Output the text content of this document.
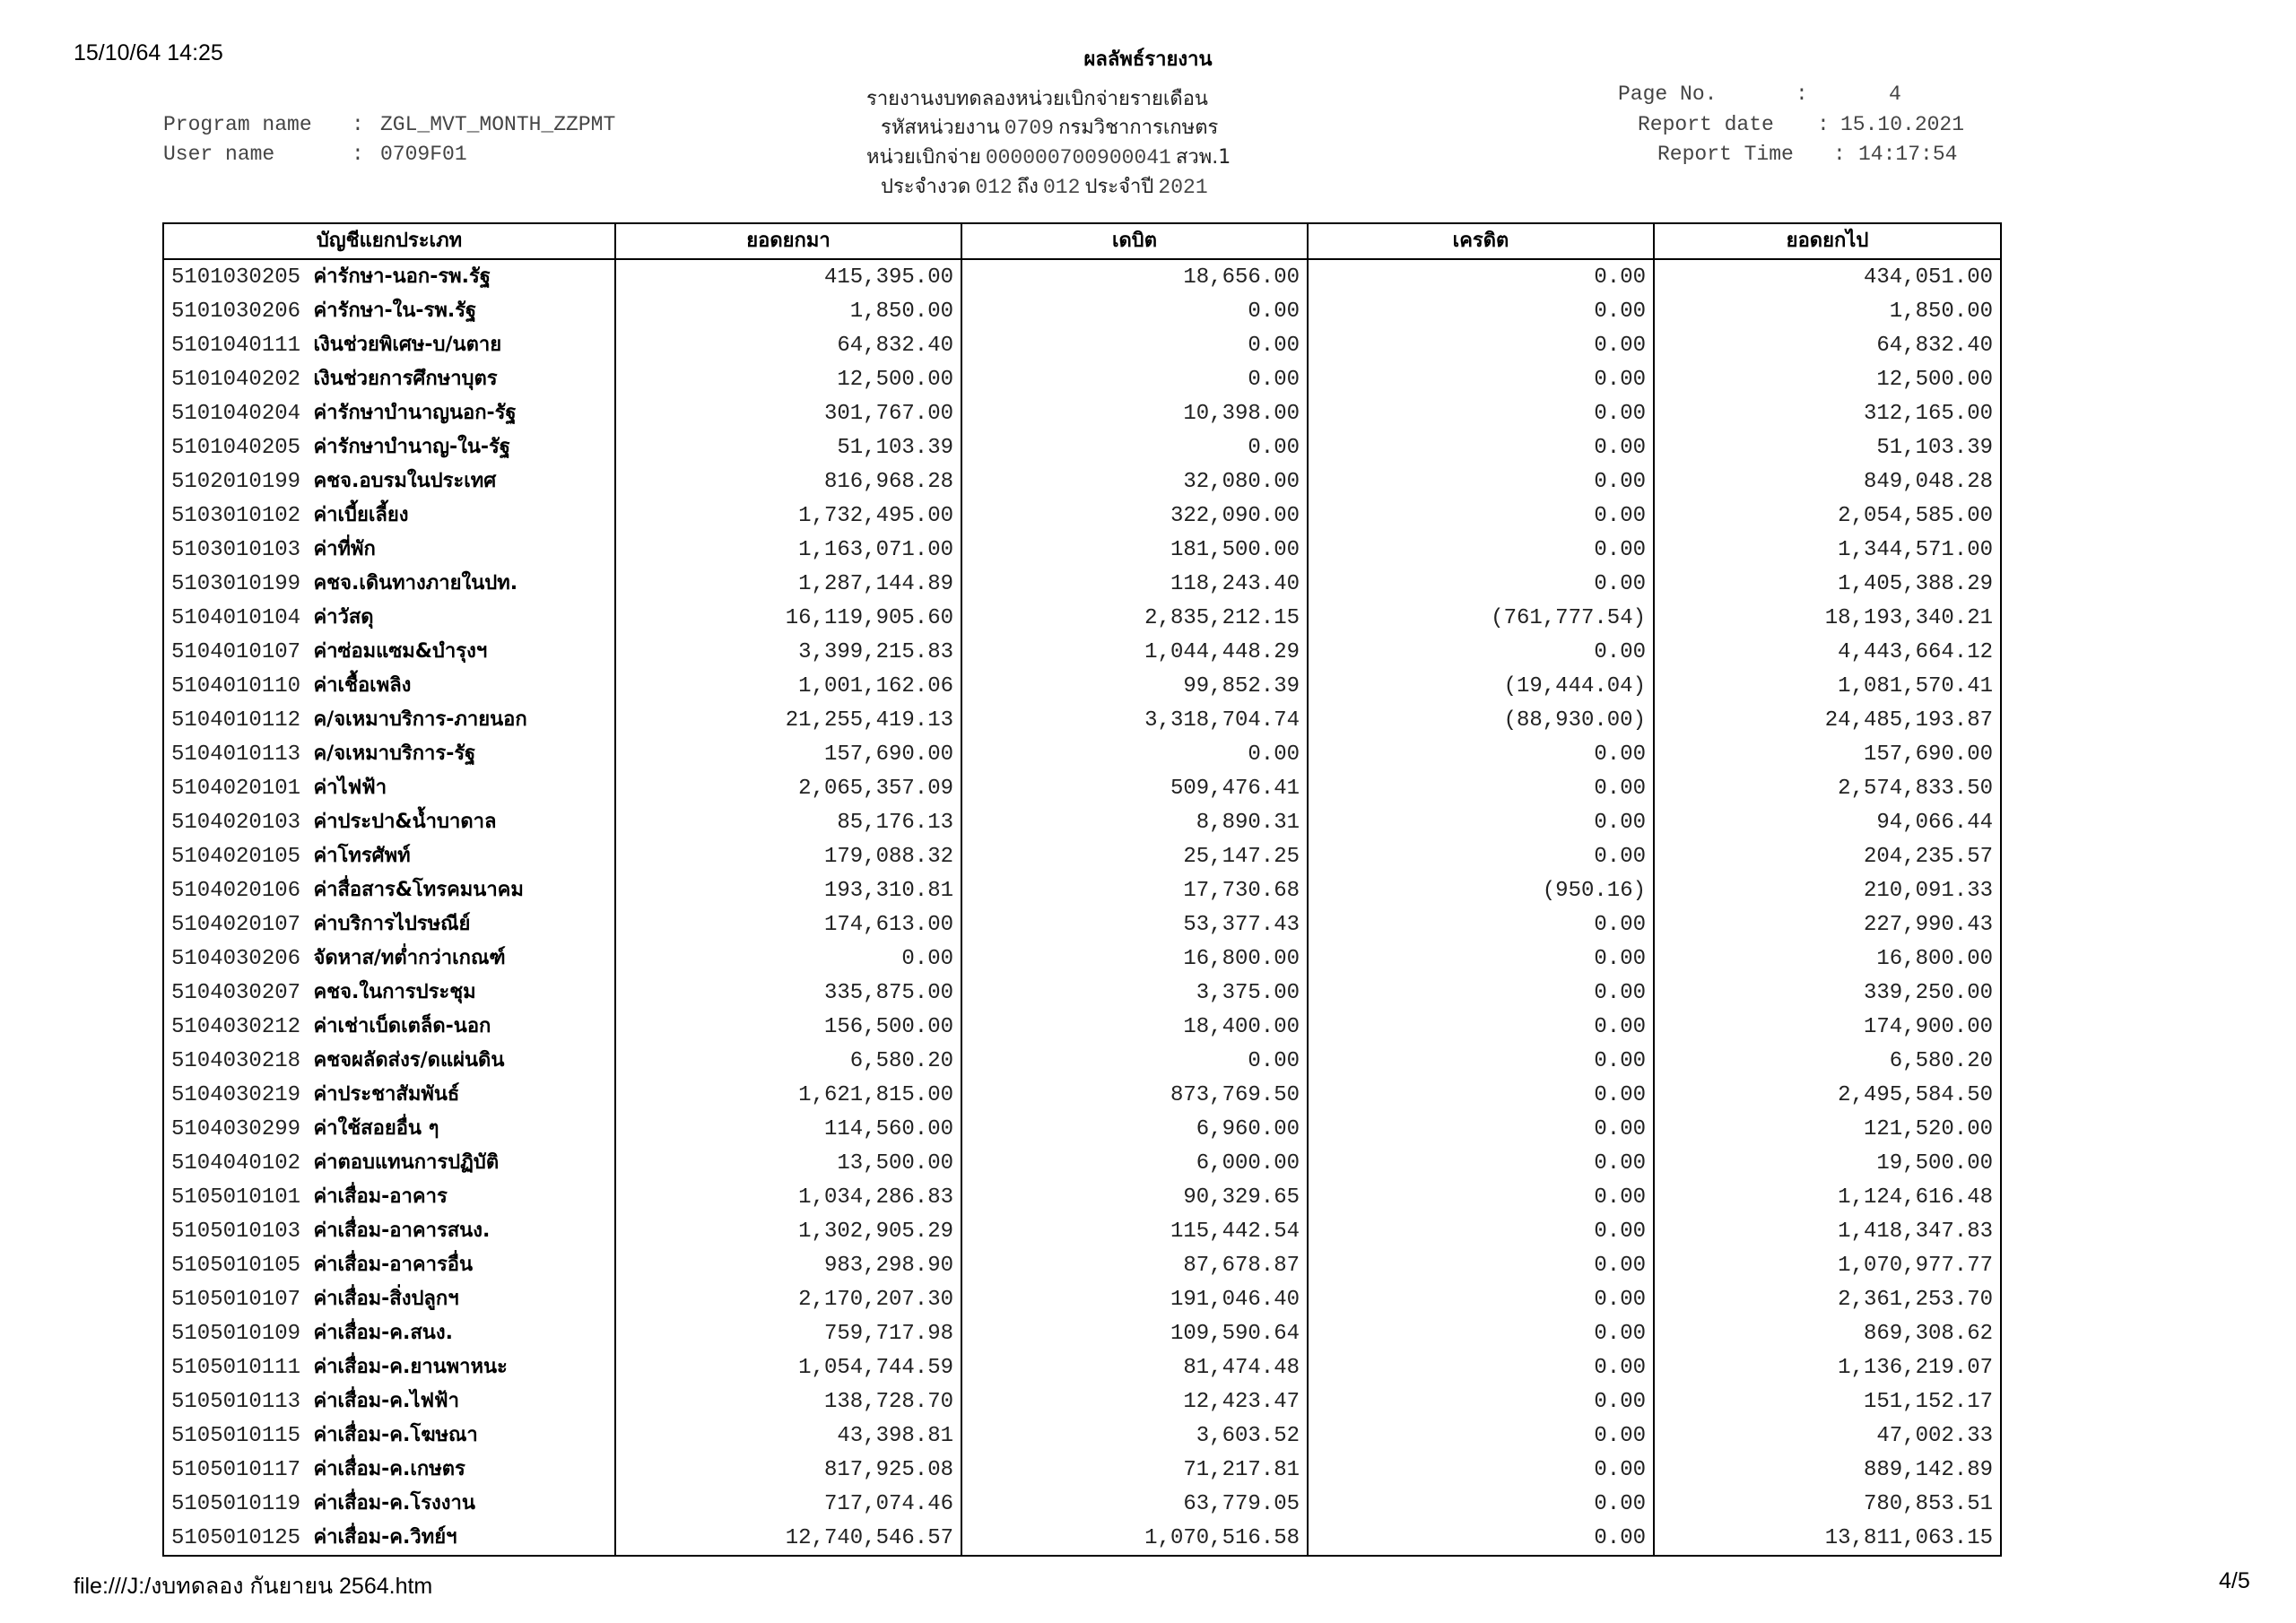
15/10/64 14:25	ผลลัพธ์รายงาน
Program name : ZGL_MVT_MONTH_ZZPMT
User name	: 0709F01
รายงานงบทดลองหน่วยเบิกจ่ายรายเดือน
รหัสหน่วยงาน 0709 กรมวิชาการเกษตร
หน่วยเบิกจ่าย 000000700900041 สวพ.1
ประจำงวด 012 ถึง 012 ประจำปี 2021
Page No.	:	4
Report date : 15.10.2021
Report Time : 14:17:54
บัญชีแยกประเภท	ยอดยกมา	เดบิต	เครดิต	ยอดยกไป
5101030205 ค่ารักษา-นอก-รพ.รัฐ	415,395.00	18,656.00	0.00	434,051.00
5101030206 ค่ารักษา-ใน-รพ.รัฐ	1,850.00	0.00	0.00	1,850.00
5101040111 เงินช่วยพิเศษ-บ/นตาย	64,832.40	0.00	0.00	64,832.40
5101040202 เงินช่วยการศึกษาบุตร	12,500.00	0.00	0.00	12,500.00
5101040204 ค่ารักษาบำนาญนอก-รัฐ	301,767.00	10,398.00	0.00	312,165.00
5101040205 ค่ารักษาบำนาญ-ใน-รัฐ	51,103.39	0.00	0.00	51,103.39
5102010199 คชจ.อบรมในประเทศ	816,968.28	32,080.00	0.00	849,048.28
5103010102 ค่าเบี้ยเลี้ยง	1,732,495.00	322,090.00	0.00	2,054,585.00
5103010103 ค่าที่พัก	1,163,071.00	181,500.00	0.00	1,344,571.00
5103010199 คชจ.เดินทางภายในปท.	1,287,144.89	118,243.40	0.00	1,405,388.29
5104010104 ค่าวัสดุ	16,119,905.60	2,835,212.15	(761,777.54)	18,193,340.21
5104010107 ค่าซ่อมแซม&บำรุงฯ	3,399,215.83	1,044,448.29	0.00	4,443,664.12
5104010110 ค่าเชื้อเพลิง	1,001,162.06	99,852.39	(19,444.04)	1,081,570.41
5104010112 ค/จเหมาบริการ-ภายนอก	21,255,419.13	3,318,704.74	(88,930.00)	24,485,193.87
5104010113 ค/จเหมาบริการ-รัฐ	157,690.00	0.00	0.00	157,690.00
5104020101 ค่าไฟฟ้า	2,065,357.09	509,476.41	0.00	2,574,833.50
5104020103 ค่าประปา&น้ำบาดาล	85,176.13	8,890.31	0.00	94,066.44
5104020105 ค่าโทรศัพท์	179,088.32	25,147.25	0.00	204,235.57
5104020106 ค่าสื่อสาร&โทรคมนาคม	193,310.81	17,730.68	(950.16)	210,091.33
5104020107 ค่าบริการไปรษณีย์	174,613.00	53,377.43	0.00	227,990.43
5104030206 จัดหาส/ทต่ำกว่าเกณฑ์	0.00	16,800.00	0.00	16,800.00
5104030207 คชจ.ในการประชุม	335,875.00	3,375.00	0.00	339,250.00
5104030212 ค่าเช่าเบ็ดเตล็ด-นอก	156,500.00	18,400.00	0.00	174,900.00
5104030218 คชจผลัดส่งร/ดแผ่นดิน	6,580.20	0.00	0.00	6,580.20
5104030219 ค่าประชาสัมพันธ์	1,621,815.00	873,769.50	0.00	2,495,584.50
5104030299 ค่าใช้สอยอื่น ๆ	114,560.00	6,960.00	0.00	121,520.00
5104040102 ค่าตอบแทนการปฏิบัติ	13,500.00	6,000.00	0.00	19,500.00
5105010101 ค่าเสื่อม-อาคาร	1,034,286.83	90,329.65	0.00	1,124,616.48
5105010103 ค่าเสื่อม-อาคารสนง.	1,302,905.29	115,442.54	0.00	1,418,347.83
5105010105 ค่าเสื่อม-อาคารอื่น	983,298.90	87,678.87	0.00	1,070,977.77
5105010107 ค่าเสื่อม-สิ่งปลูกฯ	2,170,207.30	191,046.40	0.00	2,361,253.70
5105010109 ค่าเสื่อม-ค.สนง.	759,717.98	109,590.64	0.00	869,308.62
5105010111 ค่าเสื่อม-ค.ยานพาหนะ	1,054,744.59	81,474.48	0.00	1,136,219.07
5105010113 ค่าเสื่อม-ค.ไฟฟ้า	138,728.70	12,423.47	0.00	151,152.17
5105010115 ค่าเสื่อม-ค.โฆษณา	43,398.81	3,603.52	0.00	47,002.33
5105010117 ค่าเสื่อม-ค.เกษตร	817,925.08	71,217.81	0.00	889,142.89
5105010119 ค่าเสื่อม-ค.โรงงาน	717,074.46	63,779.05	0.00	780,853.51
5105010125 ค่าเสื่อม-ค.วิทย์ฯ	12,740,546.57	1,070,516.58	0.00	13,811,063.15
file:///J:/งบทดลอง กันยายน 2564.htm	4/5
